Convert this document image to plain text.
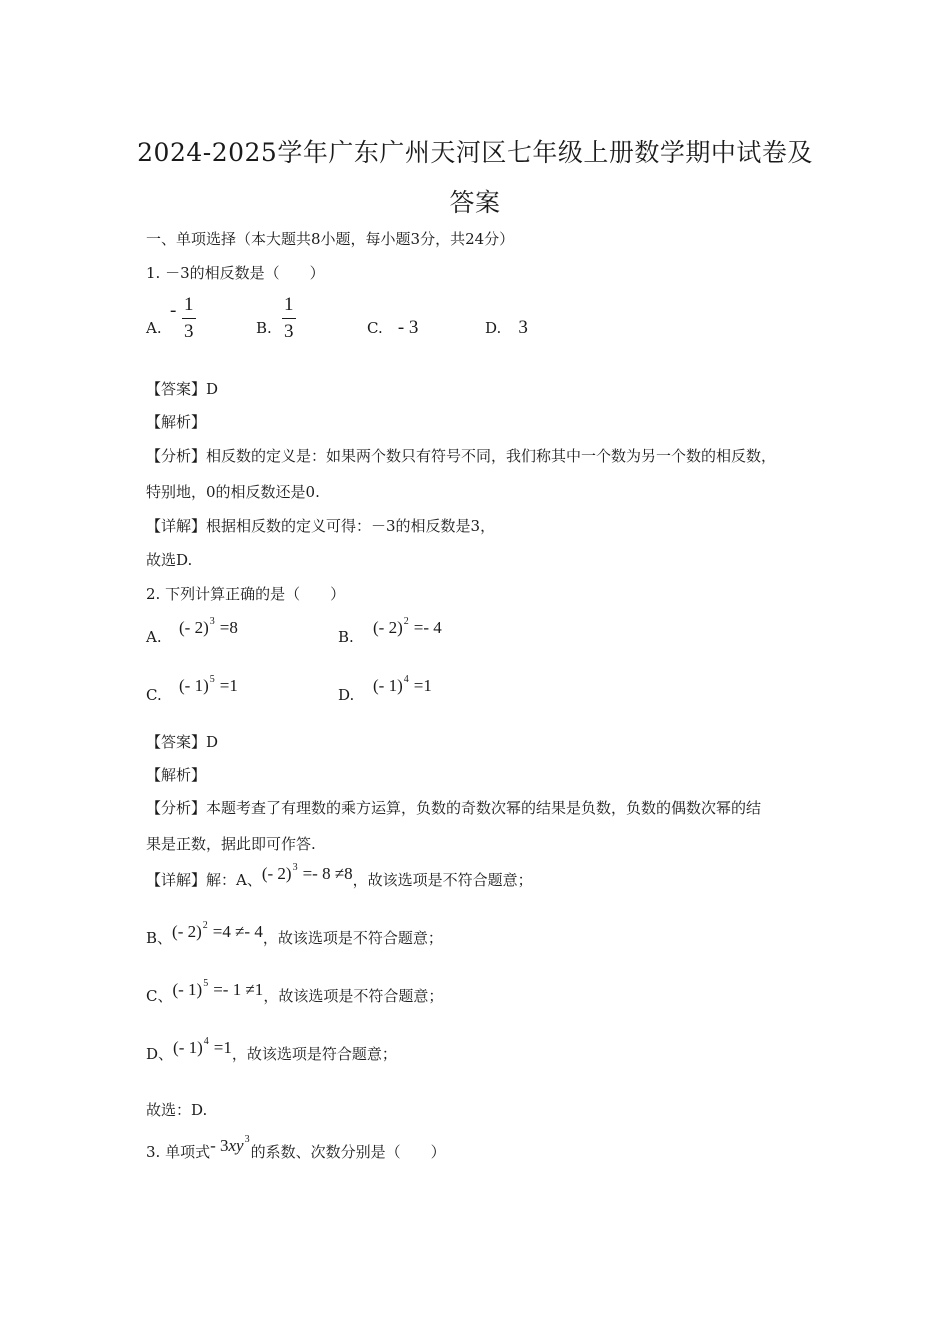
2024-2025学年广东广州天河区七年级上册数学期中试卷及
答案
一、单项选择（本大题共8小题，每小题3分，共24分）
1. －3的相反数是（　　）
A.
- $\frac{1}{3}$	B. $\frac{1}{3}$	C. - 3	D. 3
【答案】D
【解析】
【分析】相反数的定义是：如果两个数只有符号不同，我们称其中一个数为另一个数的相反数，
特别地，0的相反数还是0.
【详解】根据相反数的定义可得：－3的相反数是3，
故选D.
2. 下列计算正确的是（　　）
A. (- 2)$^3$ =8	B. (- 2)$^2$ =- 4
C. (- 1)$^5$ =1	D. (- 1)$^4$ =1
【答案】D
【解析】
【分析】本题考查了有理数的乘方运算，负数的奇数次幂的结果是负数，负数的偶数次幂的结
果是正数，据此即可作答.
【详解】解：A、(- 2)$^3$ =- 8 ≠8，故该选项是不符合题意；
B、(- 2)$^2$ =4 ≠- 4，故该选项是不符合题意；
C、(- 1)$^5$ =- 1 ≠1，故该选项是不符合题意；
D、(- 1)$^4$ =1，故该选项是符合题意；
故选：D.
3. 单项式- $3xy^3$的系数、次数分别是（　　）
